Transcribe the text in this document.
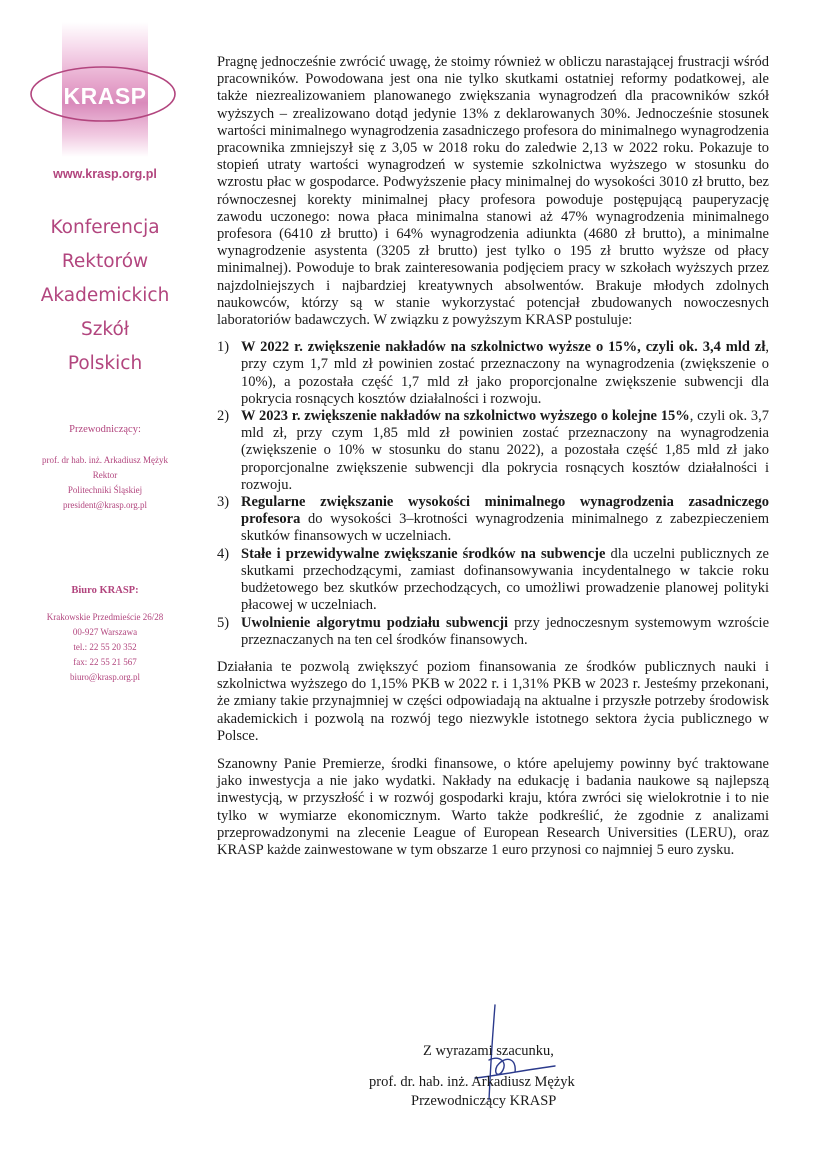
KRASP
www.krasp.org.pl
Konferencja
Rektorów
Akademickich
Szkół
Polskich
Przewodniczący:
prof. dr hab. inż. Arkadiusz Mężyk
Rektor
Politechniki Śląskiej
president@krasp.org.pl
Biuro KRASP:
Krakowskie Przedmieście 26/28
00-927 Warszawa
tel.: 22 55 20 352
fax: 22 55 21 567
biuro@krasp.org.pl

Pragnę jednocześnie zwrócić uwagę, że stoimy również w obliczu narastającej frustracji wśród pracowników. Powodowana jest ona nie tylko skutkami ostatniej reformy podatkowej, ale także niezrealizowaniem planowanego zwiększania wynagrodzeń dla pracowników szkół wyższych – zrealizowano dotąd jedynie 13% z deklarowanych 30%. Jednocześnie stosunek wartości minimalnego wynagrodzenia zasadniczego profesora do minimalnego wynagrodzenia pracownika zmniejszył się z 3,05 w 2018 roku do zaledwie 2,13 w 2022 roku. Pokazuje to stopień utraty wartości wynagrodzeń w systemie szkolnictwa wyższego w stosunku do wzrostu płac w gospodarce. Podwyższenie płacy minimalnej do wysokości 3010 zł brutto, bez równoczesnej korekty minimalnej płacy profesora powoduje postępującą pauperyzację zawodu uczonego: nowa płaca minimalna stanowi aż 47% wynagrodzenia minimalnego profesora (6410 zł brutto) i 64% wynagrodzenia adiunkta (4680 zł brutto), a minimalne wynagrodzenie asystenta (3205 zł brutto) jest tylko o 195 zł brutto wyższe od płacy minimalnej). Powoduje to brak zainteresowania podjęciem pracy w szkołach wyższych przez najzdolniejszych i najbardziej kreatywnych absolwentów. Brakuje młodych zdolnych naukowców, którzy są w stanie wykorzystać potencjał zbudowanych nowoczesnych laboratoriów badawczych. W związku z powyższym KRASP postuluje:

1) W 2022 r. zwiększenie nakładów na szkolnictwo wyższe o 15%, czyli ok. 3,4 mld zł, przy czym 1,7 mld zł powinien zostać przeznaczony na wynagrodzenia (zwiększenie o 10%), a pozostała część 1,7 mld zł jako proporcjonalne zwiększenie subwencji dla pokrycia rosnących kosztów działalności i rozwoju.
2) W 2023 r. zwiększenie nakładów na szkolnictwo wyższego o kolejne 15%, czyli ok. 3,7 mld zł, przy czym 1,85 mld zł powinien zostać przeznaczony na wynagrodzenia (zwiększenie o 10% w stosunku do stanu 2022), a pozostała część 1,85 mld zł jako proporcjonalne zwiększenie subwencji dla pokrycia rosnących kosztów działalności i rozwoju.
3) Regularne zwiększanie wysokości minimalnego wynagrodzenia zasadniczego profesora do wysokości 3–krotności wynagrodzenia minimalnego z zabezpieczeniem skutków finansowych w uczelniach.
4) Stałe i przewidywalne zwiększanie środków na subwencje dla uczelni publicznych ze skutkami przechodzącymi, zamiast dofinansowywania incydentalnego w takcie roku budżetowego bez skutków przechodzących, co umożliwi prowadzenie planowej polityki płacowej w uczelniach.
5) Uwolnienie algorytmu podziału subwencji przy jednoczesnym systemowym wzroście przeznaczanych na ten cel środków finansowych.

Działania te pozwolą zwiększyć poziom finansowania ze środków publicznych nauki i szkolnictwa wyższego do 1,15% PKB w 2022 r. i 1,31% PKB w 2023 r. Jesteśmy przekonani, że zmiany takie przynajmniej w części odpowiadają na aktualne i przyszłe potrzeby środowisk akademickich i pozwolą na rozwój tego niezwykle istotnego sektora życia publicznego w Polsce.

Szanowny Panie Premierze, środki finansowe, o które apelujemy powinny być traktowane jako inwestycja a nie jako wydatki. Nakłady na edukację i badania naukowe są najlepszą inwestycją, w przyszłość i w rozwój gospodarki kraju, która zwróci się wielokrotnie i to nie tylko w wymiarze ekonomicznym. Warto także podkreślić, że zgodnie z analizami przeprowadzonymi na zlecenie League of European Research Universities (LERU), oraz KRASP każde zainwestowane w tym obszarze 1 euro przynosi co najmniej 5 euro zysku.

Z wyrazami szacunku,
prof. dr. hab. inż. Arkadiusz Mężyk
Przewodniczący KRASP
